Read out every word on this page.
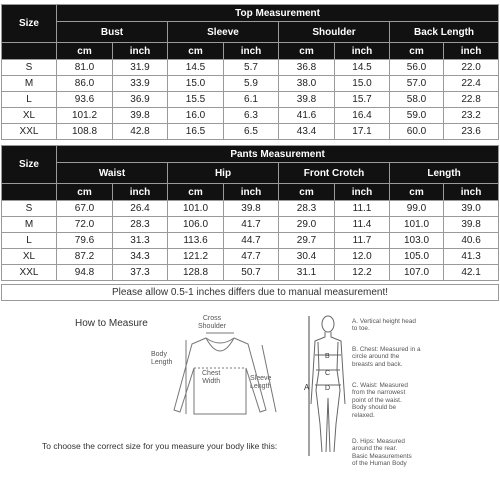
Size	Top Measurement							
	Bust		Sleeve		Shoulder		Back Length	
	cm	inch	cm	inch	cm	inch	cm	inch
S	81.0	31.9	14.5	5.7	36.8	14.5	56.0	22.0
M	86.0	33.9	15.0	5.9	38.0	15.0	57.0	22.4
L	93.6	36.9	15.5	6.1	39.8	15.7	58.0	22.8
XL	101.2	39.8	16.0	6.3	41.6	16.4	59.0	23.2
XXL	108.8	42.8	16.5	6.5	43.4	17.1	60.0	23.6
Size	Pants Measurement							
	Waist		Hip		Front Crotch		Length	
	cm	inch	cm	inch	cm	inch	cm	inch
S	67.0	26.4	101.0	39.8	28.3	11.1	99.0	39.0
M	72.0	28.3	106.0	41.7	29.0	11.4	101.0	39.8
L	79.6	31.3	113.6	44.7	29.7	11.7	103.0	40.6
XL	87.2	34.3	121.2	47.7	30.4	12.0	105.0	41.3
XXL	94.8	37.3	128.8	50.7	31.1	12.2	107.0	42.1
Please allow 0.5-1 inches differs due to manual measurement!
How to Measure	Cross
Shoulder
Body
Length
Chest
Width	Sleeve
Length	A
B
C
D
A. Vertical height head
to toe.
B. Chest: Measured in a
circle around the
breasts and back.
C. Waist: Measured
from the narrowest
point of the waist.
Body should be
relaxed.
D. Hips: Measured
around the rear.
Basic Measurements
of the Human Body
To choose the correct size for you measure your body like this:
